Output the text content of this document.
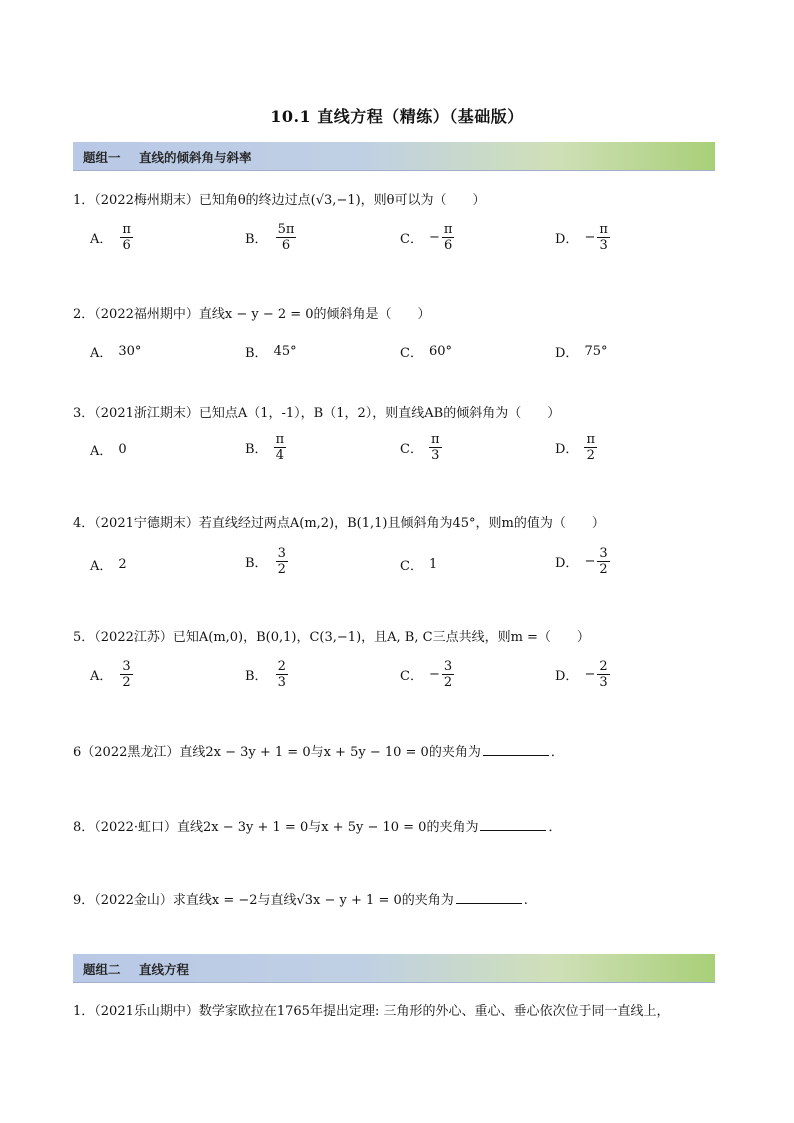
10.1 直线方程（精练）（基础版）
题组一 直线的倾斜角与斜率
1．（2022梅州期末）已知角θ的终边过点(√3,−1)，则θ可以为（　　）
A． $\frac{\pi}{6}$	B． $\frac{5\pi}{6}$	C． − $\frac{\pi}{6}$	D． − $\frac{\pi}{3}$
2．（2022福州期中）直线x − y − 2 = 0的倾斜角是（　　）
A． 30°	B． 45°	C． 60°	D． 75°
3．（2021浙江期末）已知点A（1，-1），B（1，2），则直线AB的倾斜角为（　　）
A． 0	B． $\frac{\pi}{4}$	C． $\frac{\pi}{3}$	D． $\frac{\pi}{2}$
4．（2021宁德期末）若直线经过两点A(m,2)，B(1,1)且倾斜角为45°，则m的值为（　　）
A． 2	B． $\frac{3}{2}$	C． 1	D． − $\frac{3}{2}$
5．（2022江苏）已知A(m,0)，B(0,1)，C(3,−1)，且A, B, C三点共线，则m =（　　）
A． $\frac{3}{2}$	B． $\frac{2}{3}$	C． − $\frac{3}{2}$	D． − $\frac{2}{3}$
6（2022黑龙江）直线2x − 3y + 1 = 0与x + 5y − 10 = 0的夹角为	．
8．（2022·虹口）直线2x − 3y + 1 = 0与x + 5y − 10 = 0的夹角为	．
9．（2022金山）求直线x = −2与直线√3x − y + 1 = 0的夹角为	.
题组二 直线方程
1．（2021乐山期中）数学家欧拉在1765年提出定理: 三角形的外心、重心、垂心依次位于同一直线上，
